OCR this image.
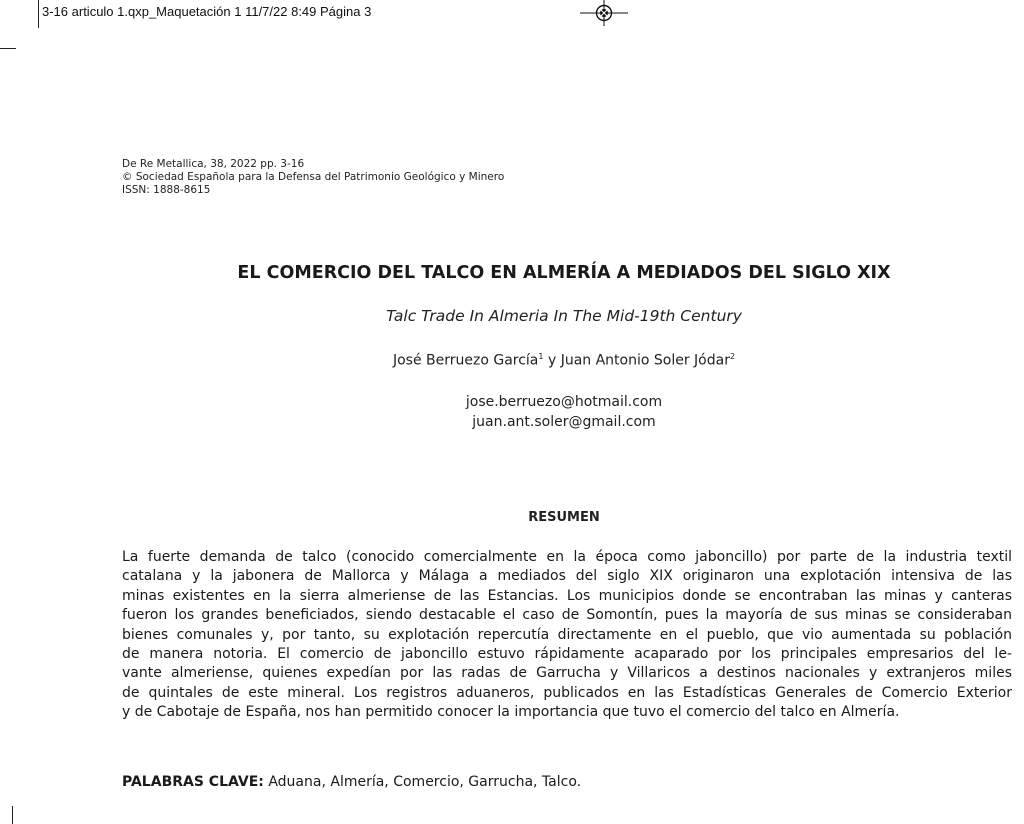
3-16 articulo 1.qxp_Maquetación 1 11/7/22 8:49 Página 3
De Re Metallica, 38, 2022 pp. 3-16
© Sociedad Española para la Defensa del Patrimonio Geológico y Minero
ISSN: 1888-8615
EL COMERCIO DEL TALCO EN ALMERÍA A MEDIADOS DEL SIGLO XIX
Talc Trade In Almeria In The Mid-19th Century
José Berruezo García$^1$ y Juan Antonio Soler Jódar$^2$
jose.berruezo@hotmail.com
juan.ant.soler@gmail.com
RESUMEN
La fuerte demanda de talco (conocido comercialmente en la época como jaboncillo) por parte de la industria textil
catalana y la jabonera de Mallorca y Málaga a mediados del siglo XIX originaron una explotación intensiva de las
minas existentes en la sierra almeriense de las Estancias. Los municipios donde se encontraban las minas y canteras
fueron los grandes beneficiados, siendo destacable el caso de Somontín, pues la mayoría de sus minas se consideraban
bienes comunales y, por tanto, su explotación repercutía directamente en el pueblo, que vio aumentada su población
de manera notoria. El comercio de jaboncillo estuvo rápidamente acaparado por los principales empresarios del le-
vante almeriense, quienes expedían por las radas de Garrucha y Villaricos a destinos nacionales y extranjeros miles
de quintales de este mineral. Los registros aduaneros, publicados en las Estadísticas Generales de Comercio Exterior
y de Cabotaje de España, nos han permitido conocer la importancia que tuvo el comercio del talco en Almería.
PALABRAS CLAVE: Aduana, Almería, Comercio, Garrucha, Talco.
